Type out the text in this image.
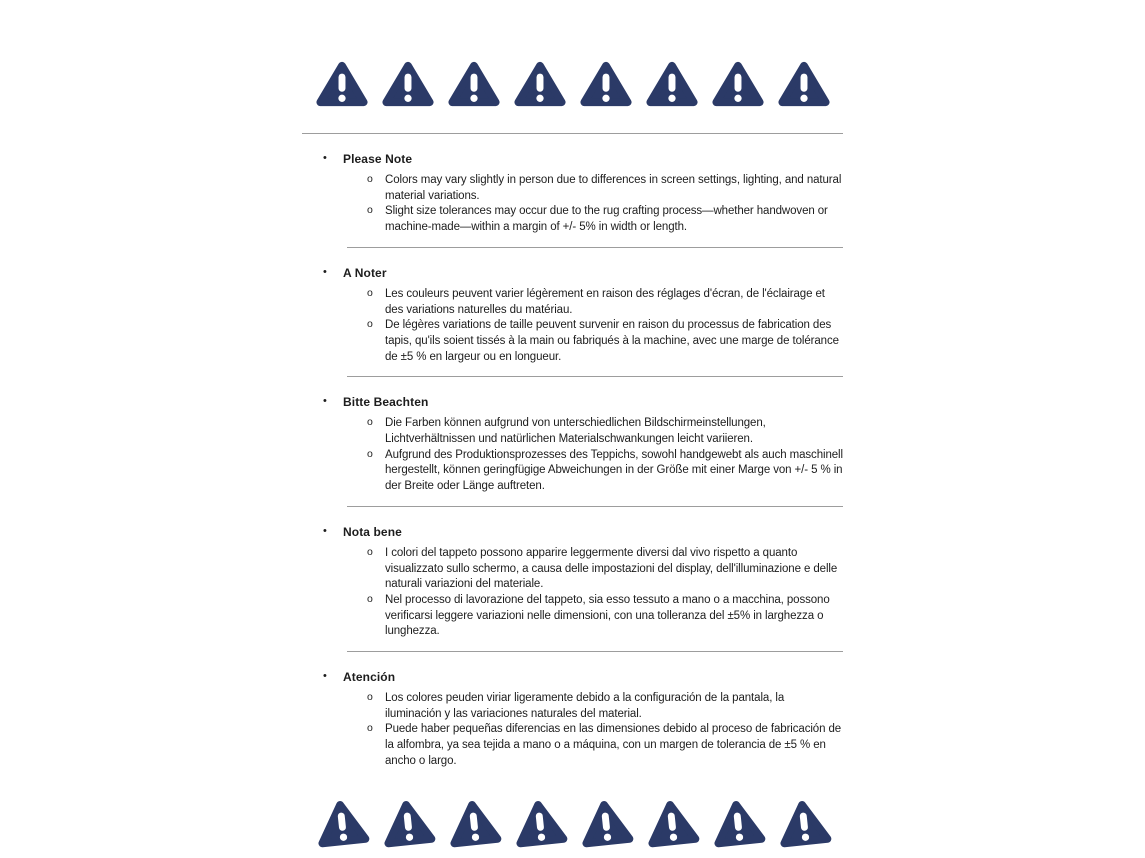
• Please Note
o Colors may vary slightly in person due to differences in screen settings, lighting, and natural material variations.

o Slight size tolerances may occur due to the rug crafting process—whether handwoven or machine-made—within a margin of +/- 5% in width or length.

• A Noter
o Les couleurs peuvent varier légèrement en raison des réglages d'écran, de l'éclairage et des variations naturelles du matériau.

o De légères variations de taille peuvent survenir en raison du processus de fabrication des tapis, qu'ils soient tissés à la main ou fabriqués à la machine, avec une marge de tolérance de ±5 % en largeur ou en longueur.

• Bitte Beachten
o Die Farben können aufgrund von unterschiedlichen Bildschirmeinstellungen, Lichtverhältnissen und natürlichen Materialschwankungen leicht variieren.

o Aufgrund des Produktionsprozesses des Teppichs, sowohl handgewebt als auch maschinell hergestellt, können geringfügige Abweichungen in der Größe mit einer Marge von +/- 5 % in der Breite oder Länge auftreten.

• Nota bene
o I colori del tappeto possono apparire leggermente diversi dal vivo rispetto a quanto visualizzato sullo schermo, a causa delle impostazioni del display, dell'illuminazione e delle naturali variazioni del materiale.

o Nel processo di lavorazione del tappeto, sia esso tessuto a mano o a macchina, possono verificarsi leggere variazioni nelle dimensioni, con una tolleranza del ±5% in larghezza o lunghezza.

• Atención
o Los colores peuden viriar ligeramente debido a la configuración de la pantala, la iluminación y las variaciones naturales del material.

o Puede haber pequeñas diferencias en las dimensiones debido al proceso de fabricación de la alfombra, ya sea tejida a mano o a máquina, con un margen de tolerancia de ±5 % en ancho o largo.
